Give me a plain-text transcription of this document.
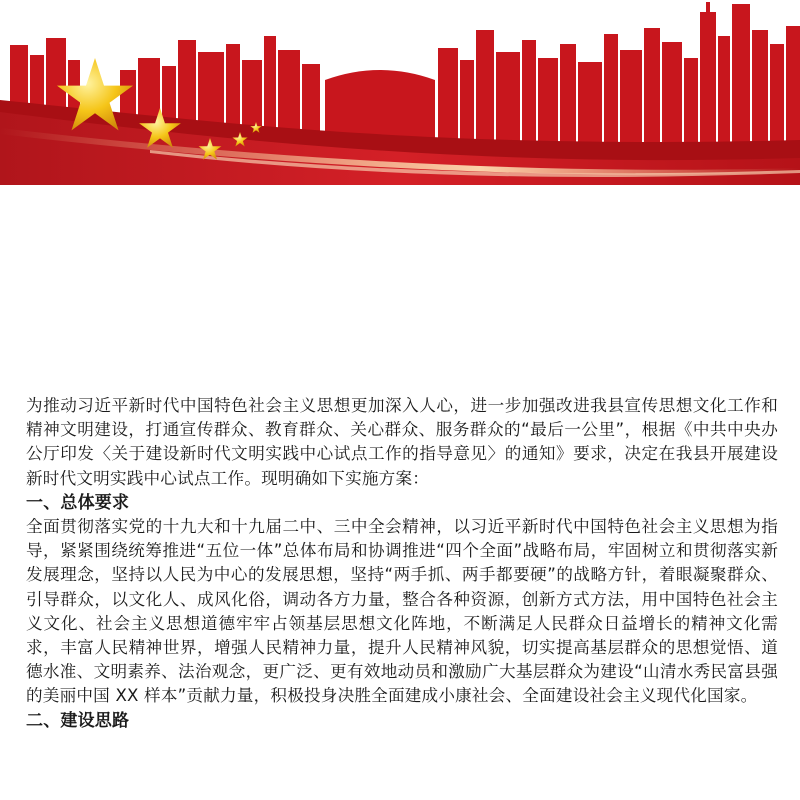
为推动习近平新时代中国特色社会主义思想更加深入人心，进一步加强改进我县宣传思想文化工作和精神文明建设，打通宣传群众、教育群众、关心群众、服务群众的“最后一公里”，根据《中共中央办公厅印发〈关于建设新时代文明实践中心试点工作的指导意见〉的通知》要求，决定在我县开展建设新时代文明实践中心试点工作。现明确如下实施方案：

一、总体要求

全面贯彻落实党的十九大和十九届二中、三中全会精神，以习近平新时代中国特色社会主义思想为指导，紧紧围绕统筹推进“五位一体”总体布局和协调推进“四个全面”战略布局，牢固树立和贯彻落实新发展理念，坚持以人民为中心的发展思想，坚持“两手抓、两手都要硬”的战略方针，着眼凝聚群众、引导群众，以文化人、成风化俗，调动各方力量，整合各种资源，创新方式方法，用中国特色社会主义文化、社会主义思想道德牢牢占领基层思想文化阵地，不断满足人民群众日益增长的精神文化需求，丰富人民精神世界，增强人民精神力量，提升人民精神风貌，切实提高基层群众的思想觉悟、道德水准、文明素养、法治观念，更广泛、更有效地动员和激励广大基层群众为建设“山清水秀民富县强的美丽中国 XX 样本”贡献力量，积极投身决胜全面建成小康社会、全面建设社会主义现代化国家。

二、建设思路
